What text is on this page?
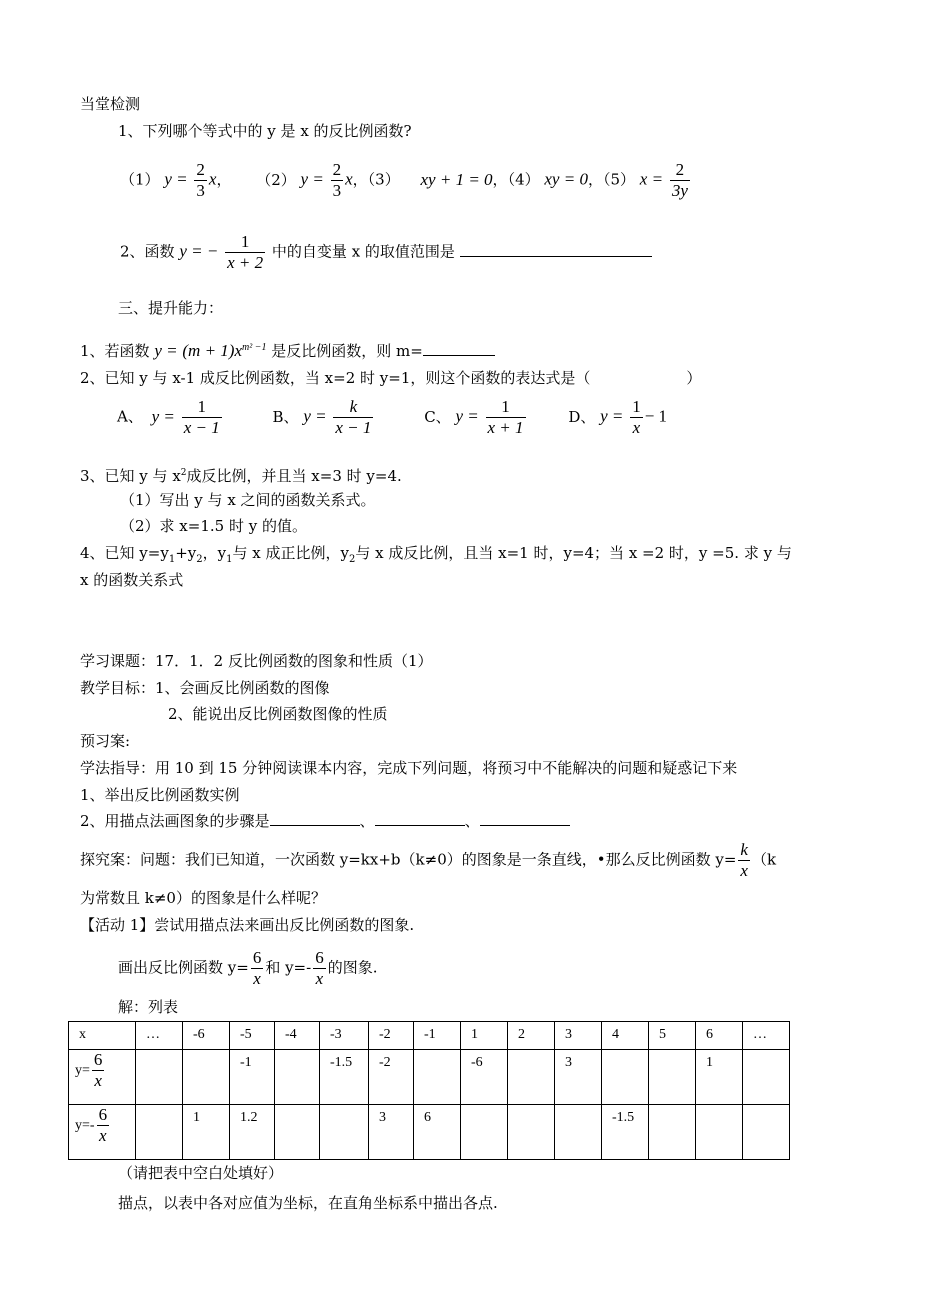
当堂检测
1、下列哪个等式中的 y 是 x 的反比例函数?
（1） $y = \frac{2}{3}$ x， （2） $y = \frac{2}{3}$ x，（3） xy + 1 = 0，（4） xy = 0，（5） $x = \frac{2}{3y}$
2、函数 y = − $\frac{1}{x + 2}$ 中的自变量 x 的取值范围是
三、提升能力：
1、若函数 $y = (m + 1)x^{m^2 -1}$ 是反比例函数，则 m=
2、已知 y 与 x-1 成反比例函数，当 x=2 时 y=1，则这个函数的表达式是（	）
A、 $y = \frac{1}{x - 1}$	B、 $y = \frac{k}{x - 1}$	C、 $y = \frac{1}{x + 1}$	D、 $y = \frac{1}{x} - 1$
3、已知 y 与 $x^2$成反比例，并且当 x=3 时 y=4.
（1）写出 y 与 x 之间的函数关系式。
（2）求 x=1.5 时 y 的值。
4、已知 $y=y_1+y_2$，$y_1$与 x 成正比例，$y_2$与 x 成反比例，且当 x=1 时，y=4；当 x =2 时，y =5. 求 y 与
x 的函数关系式
学习课题：17．1．2 反比例函数的图象和性质（1）
教学目标：1、会画反比例函数的图像
2、能说出反比例函数图像的性质
预习案:
学法指导：用 10 到 15 分钟阅读课本内容，完成下列问题，将预习中不能解决的问题和疑惑记下来
1、举出反比例函数实例
2、用描点法画图象的步骤是	、	、
探究案：问题：我们已知道，一次函数 y=kx+b（k≠0）的图象是一条直线，•那么反比例函数 $y= \frac{k}{x} (k$
为常数且 k≠0）的图象是什么样呢？
【活动 1】尝试用描点法来画出反比例函数的图象.
画出反比例函数 $y= \frac{6}{x}$ 和 $y=- \frac{6}{x}$ 的图象.
解：列表
x	…	-6	-5	-4	-3	-2	-1	1	2	3	4	5	6	…
$y= \frac{6}{x}$			-1		-1.5	-2		-6		3			1	
$y=- \frac{6}{x}$		1	1.2			3	6				-1.5			
（请把表中空白处填好）
描点，以表中各对应值为坐标，在直角坐标系中描出各点.
